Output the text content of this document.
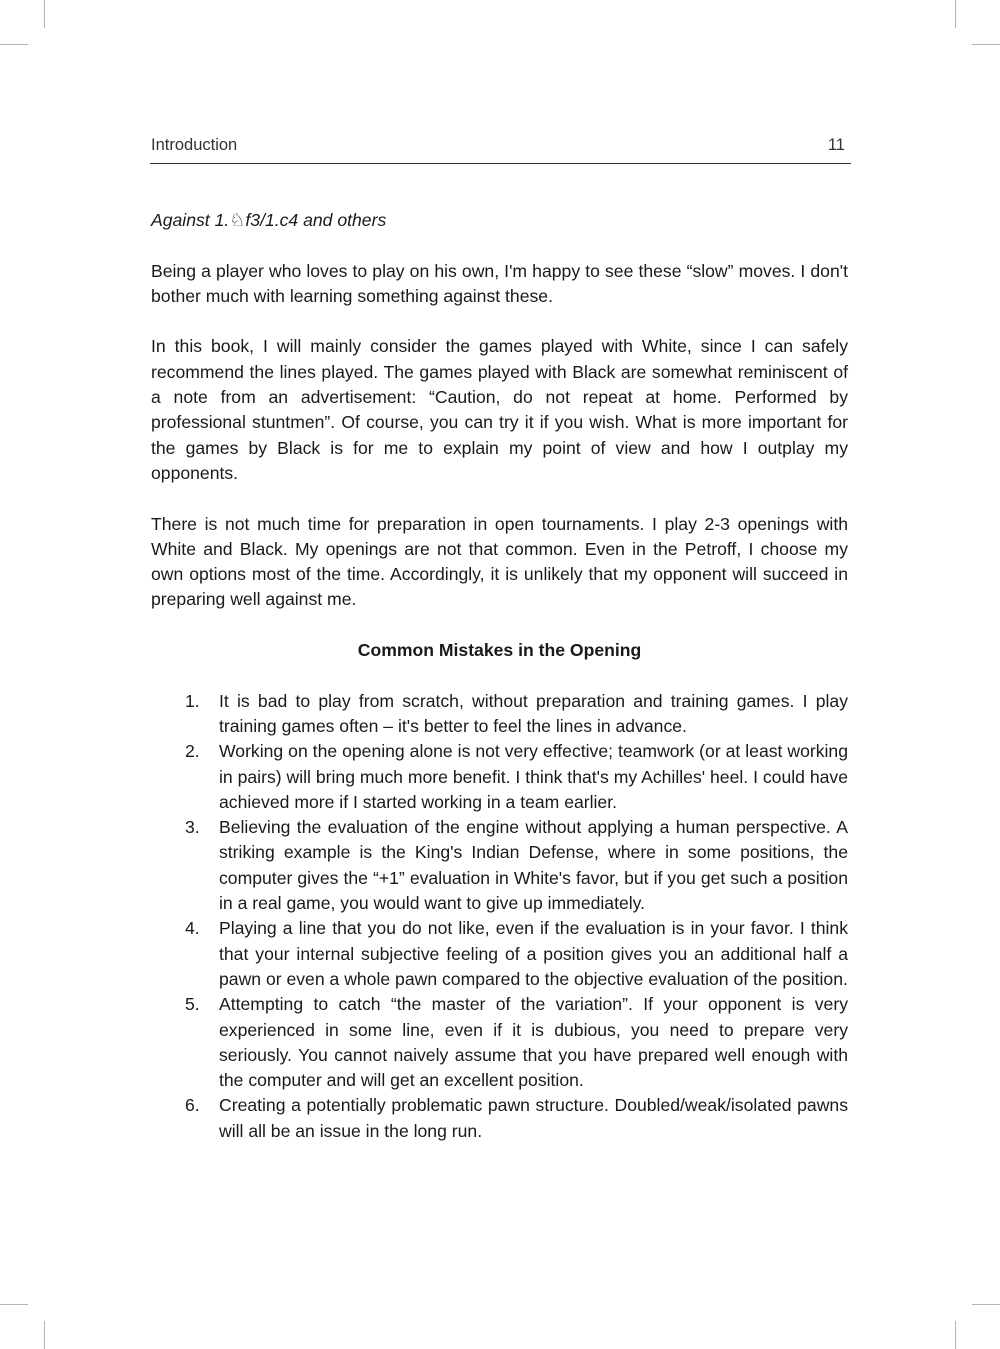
Introduction	11
Against 1.♘f3/1.c4 and others

Being a player who loves to play on his own, I'm happy to see these “slow” moves. I don't bother much with learning something against these.

In this book, I will mainly consider the games played with White, since I can safely recommend the lines played. The games played with Black are somewhat reminiscent of a note from an advertisement: “Caution, do not repeat at home. Performed by professional stuntmen”. Of course, you can try it if you wish. What is more important for the games by Black is for me to explain my point of view and how I outplay my opponents.

There is not much time for preparation in open tournaments. I play 2-3 openings with White and Black. My openings are not that common. Even in the Petroff, I choose my own options most of the time. Accordingly, it is unlikely that my opponent will succeed in preparing well against me.

Common Mistakes in the Opening
1. It is bad to play from scratch, without preparation and training games. I play training games often – it's better to feel the lines in advance.
2. Working on the opening alone is not very effective; teamwork (or at least working in pairs) will bring much more benefit. I think that's my Achilles' heel. I could have achieved more if I started working in a team earlier.
3. Believing the evaluation of the engine without applying a human perspective. A striking example is the King's Indian Defense, where in some positions, the computer gives the “+1” evaluation in White's favor, but if you get such a position in a real game, you would want to give up immediately.
4. Playing a line that you do not like, even if the evaluation is in your favor. I think that your internal subjective feeling of a position gives you an additional half a pawn or even a whole pawn compared to the objective evaluation of the position.
5. Attempting to catch “the master of the variation”. If your opponent is very experienced in some line, even if it is dubious, you need to prepare very seriously. You cannot naively assume that you have prepared well enough with the computer and will get an excellent position.
6. Creating a potentially problematic pawn structure. Doubled/weak/isolated pawns will all be an issue in the long run.
